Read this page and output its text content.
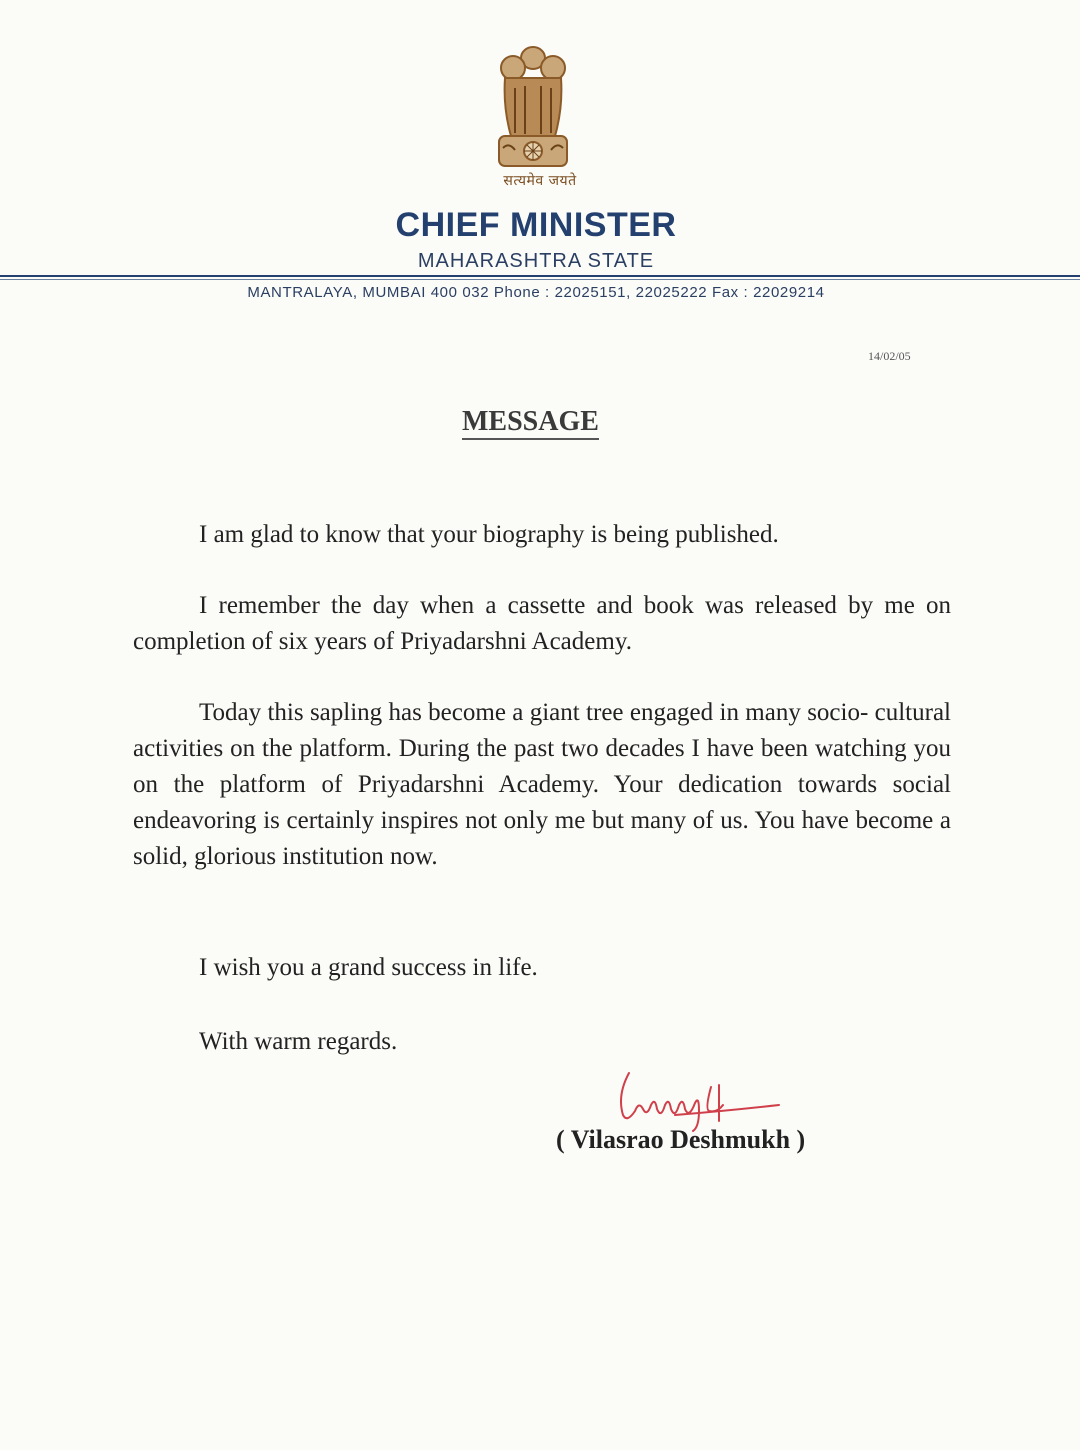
सत्यमेव जयते
CHIEF MINISTER
MAHARASHTRA STATE
MANTRALAYA, MUMBAI 400 032 Phone : 22025151, 22025222 Fax : 22029214
14/02/05
MESSAGE
I am glad to know that your biography is being published.
I remember the day when a cassette and book was released by me on completion of six years of Priyadarshni Academy.
Today this sapling has become a giant tree engaged in many socio- cultural activities on the platform. During the past two decades I have been watching you on the platform of Priyadarshni Academy. Your dedication towards social endeavoring is certainly inspires not only me but many of us. You have become a solid, glorious institution now.
I wish you a grand success in life.
With warm regards.
( Vilasrao Deshmukh )
